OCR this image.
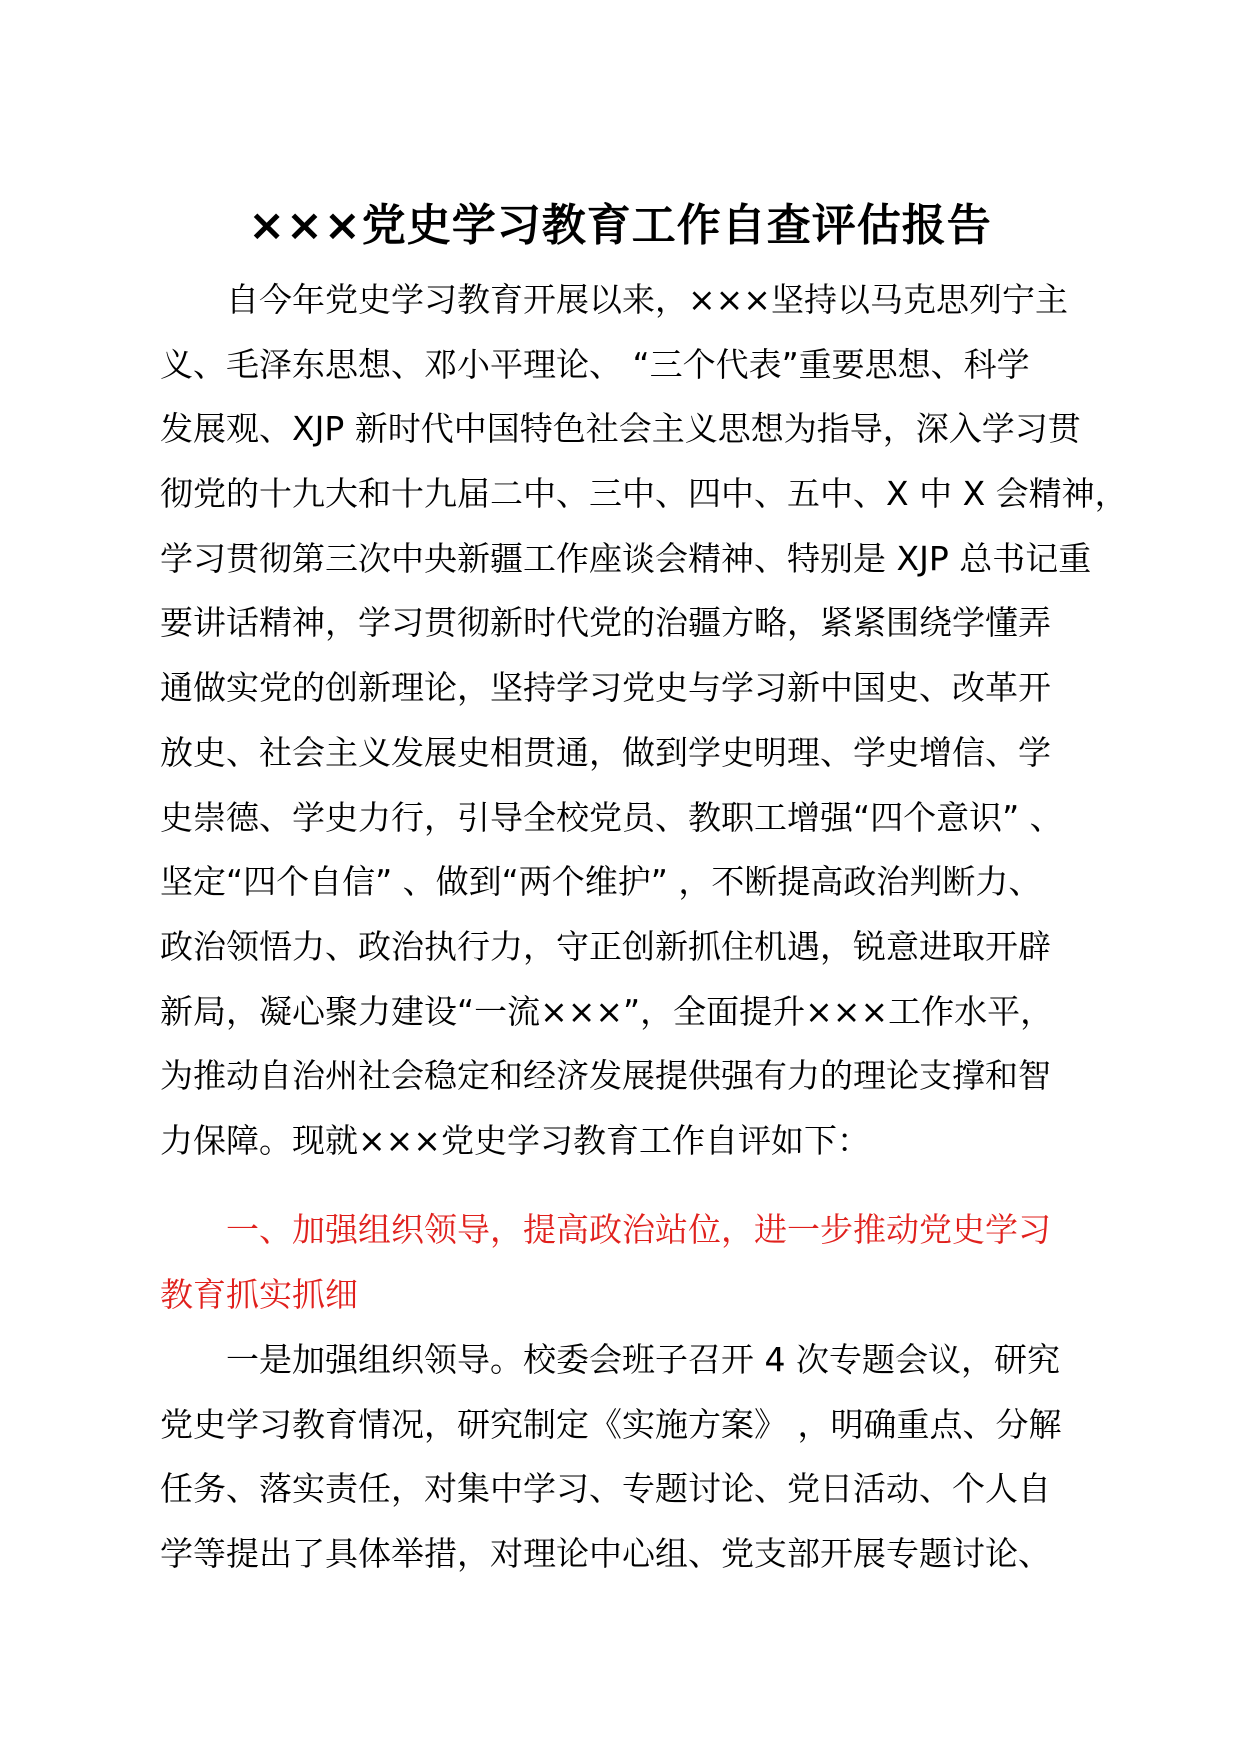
×××党史学习教育工作自查评估报告
自今年党史学习教育开展以来，×××坚持以马克思列宁主
义、毛泽东思想、邓小平理论、 “三个代表”重要思想、科学
发展观、XJP 新时代中国特色社会主义思想为指导，深入学习贯
彻党的十九大和十九届二中、三中、四中、五中、X 中 X 会精神，
学习贯彻第三次中央新疆工作座谈会精神、特别是 XJP 总书记重
要讲话精神，学习贯彻新时代党的治疆方略，紧紧围绕学懂弄
通做实党的创新理论，坚持学习党史与学习新中国史、改革开
放史、社会主义发展史相贯通，做到学史明理、学史增信、学
史崇德、学史力行，引导全校党员、教职工增强“四个意识” 、
坚定“四个自信” 、做到“两个维护” ，不断提高政治判断力、
政治领悟力、政治执行力，守正创新抓住机遇，锐意进取开辟
新局，凝心聚力建设“一流×××”，全面提升×××工作水平，
为推动自治州社会稳定和经济发展提供强有力的理论支撑和智
力保障。现就×××党史学习教育工作自评如下：
一、加强组织领导，提高政治站位，进一步推动党史学习
教育抓实抓细
一是加强组织领导。校委会班子召开 4 次专题会议，研究
党史学习教育情况，研究制定《实施方案》 ，明确重点、分解
任务、落实责任，对集中学习、专题讨论、党日活动、个人自
学等提出了具体举措，对理论中心组、党支部开展专题讨论、
